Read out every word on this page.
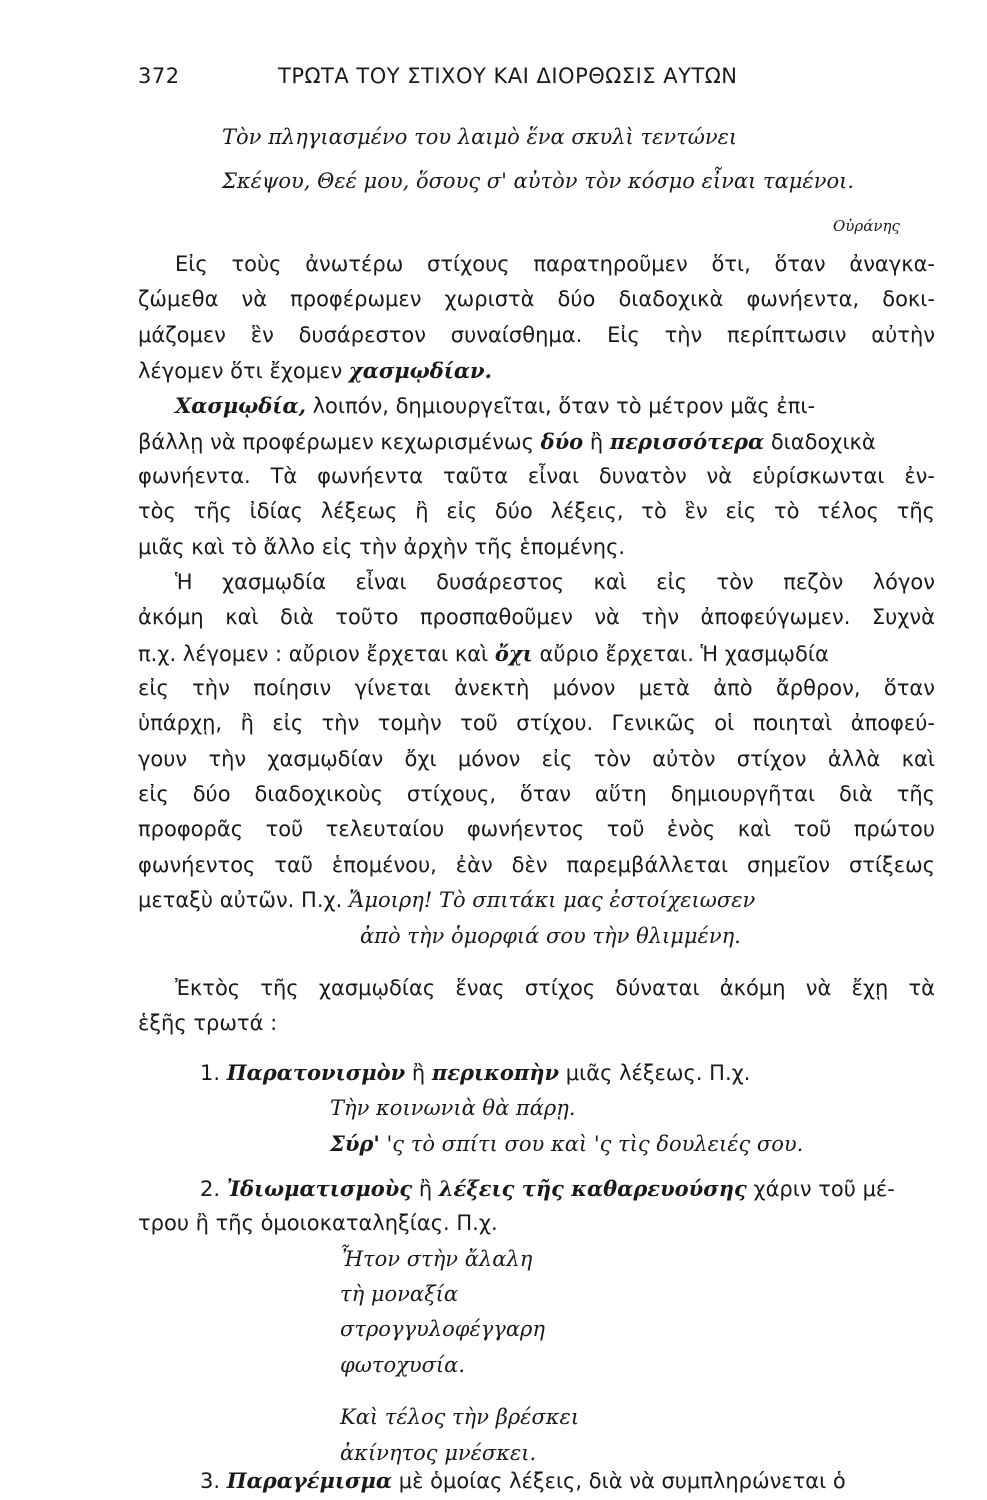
372	ΤΡΩΤΑ ΤΟΥ ΣΤΙΧΟΥ ΚΑΙ ΔΙΟΡΘΩΣΙΣ ΑΥΤΩΝ
Τὸν πληγιασμένο του λαιμὸ ἕνα σκυλὶ τεντώνει
Σκέψου, Θεέ μου, ὅσους σ' αὐτὸν τὸν κόσμο εἶναι ταμένοι.
Οὐράνης
Εἰς τοὺς ἀνωτέρω στίχους παρατηροῦμεν ὅτι, ὅταν ἀναγκα-
ζώμεθα νὰ προφέρωμεν χωριστὰ δύο διαδοχικὰ φωνήεντα, δοκι-
μάζομεν ἓν δυσάρεστον συναίσθημα. Εἰς τὴν περίπτωσιν αὐτὴν
λέγομεν ὅτι ἔχομεν χασμῳδίαν.
Χασμῳδία, λοιπόν, δημιουργεῖται, ὅταν τὸ μέτρον μᾶς ἐπι-
βάλλῃ νὰ προφέρωμεν κεχωρισμένως δύο ἢ περισσότερα διαδοχικὰ
φωνήεντα. Τὰ φωνήεντα ταῦτα εἶναι δυνατὸν νὰ εὑρίσκωνται ἐν-
τὸς τῆς ἰδίας λέξεως ἢ εἰς δύο λέξεις, τὸ ἓν εἰς τὸ τέλος τῆς
μιᾶς καὶ τὸ ἄλλο εἰς τὴν ἀρχὴν τῆς ἑπομένης.
Ἡ χασμῳδία εἶναι δυσάρεστος καὶ εἰς τὸν πεζὸν λόγον
ἀκόμη καὶ διὰ τοῦτο προσπαθοῦμεν νὰ τὴν ἀποφεύγωμεν. Συχνὰ
π.χ. λέγομεν : αὔριον ἔρχεται καὶ ὄχι αὔριο ἔρχεται. Ἡ χασμῳδία
εἰς τὴν ποίησιν γίνεται ἀνεκτὴ μόνον μετὰ ἀπὸ ἄρθρον, ὅταν
ὑπάρχῃ, ἢ εἰς τὴν τομὴν τοῦ στίχου. Γενικῶς οἱ ποιηταὶ ἀποφεύ-
γουν τὴν χασμῳδίαν ὄχι μόνον εἰς τὸν αὐτὸν στίχον ἀλλὰ καὶ
εἰς δύο διαδοχικοὺς στίχους, ὅταν αὕτη δημιουργῆται διὰ τῆς
προφορᾶς τοῦ τελευταίου φωνήεντος τοῦ ἑνὸς καὶ τοῦ πρώτου
φωνήεντος ταῦ ἑπομένου, ἐὰν δὲν παρεμβάλλεται σημεῖον στίξεως
μεταξὺ αὐτῶν. Π.χ. Ἄμοιρη! Τὸ σπιτάκι μας ἐστοίχειωσεν
ἀπὸ τὴν ὁμορφιά σου τὴν θλιμμένη.
Ἐκτὸς τῆς χασμῳδίας ἕνας στίχος δύναται ἀκόμη νὰ ἔχῃ τὰ
ἑξῆς τρωτά :
1. Παρατονισμὸν ἢ περικοπὴν μιᾶς λέξεως. Π.χ.
Τὴν κοινωνιὰ θὰ πάρῃ.
Σύρ' 'ς τὸ σπίτι σου καὶ 'ς τὶς δουλειές σου.
2. Ἰδιωματισμοὺς ἢ λέξεις τῆς καθαρευούσης χάριν τοῦ μέ-
τρου ἢ τῆς ὁμοιοκαταληξίας. Π.χ.
Ἦτον στὴν ἄλαλη
τὴ μοναξία
στρογγυλοφέγγαρη
φωτοχυσία.
Καὶ τέλος τὴν βρέσκει
ἀκίνητος μνέσκει.
3. Παραγέμισμα μὲ ὁμοίας λέξεις, διὰ νὰ συμπληρώνεται ὁ
